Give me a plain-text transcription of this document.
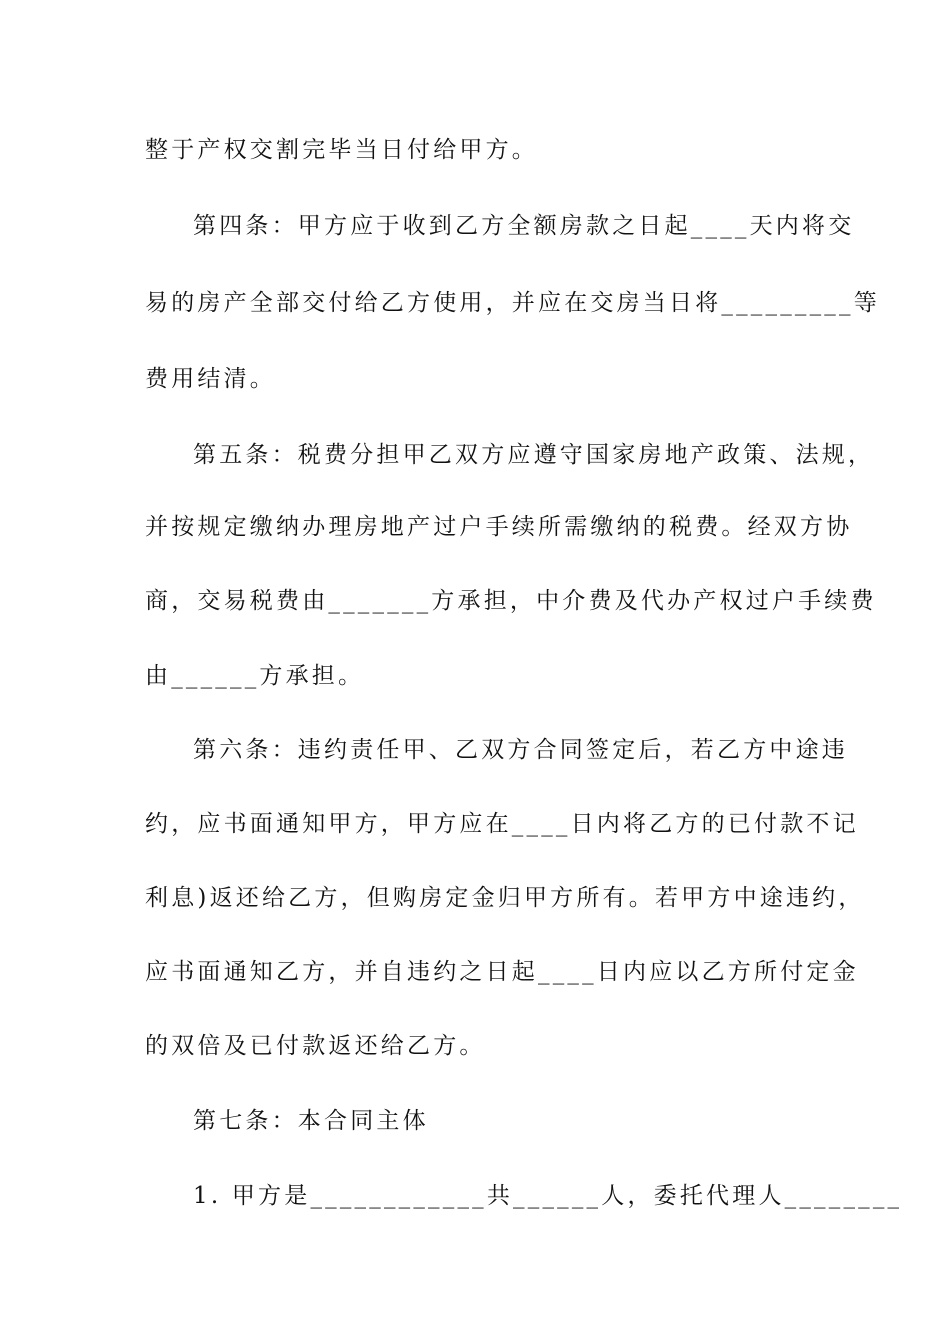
整于产权交割完毕当日付给甲方。
第四条：甲方应于收到乙方全额房款之日起____天内将交
易的房产全部交付给乙方使用，并应在交房当日将_________等
费用结清。
第五条：税费分担甲乙双方应遵守国家房地产政策、法规，
并按规定缴纳办理房地产过户手续所需缴纳的税费。经双方协
商，交易税费由_______方承担，中介费及代办产权过户手续费
由______方承担。
第六条：违约责任甲、乙双方合同签定后，若乙方中途违
约，应书面通知甲方，甲方应在____日内将乙方的已付款不记
利息)返还给乙方，但购房定金归甲方所有。若甲方中途违约，
应书面通知乙方，并自违约之日起____日内应以乙方所付定金
的双倍及已付款返还给乙方。
第七条：本合同主体
1. 甲方是____________共______人，委托代理人________
